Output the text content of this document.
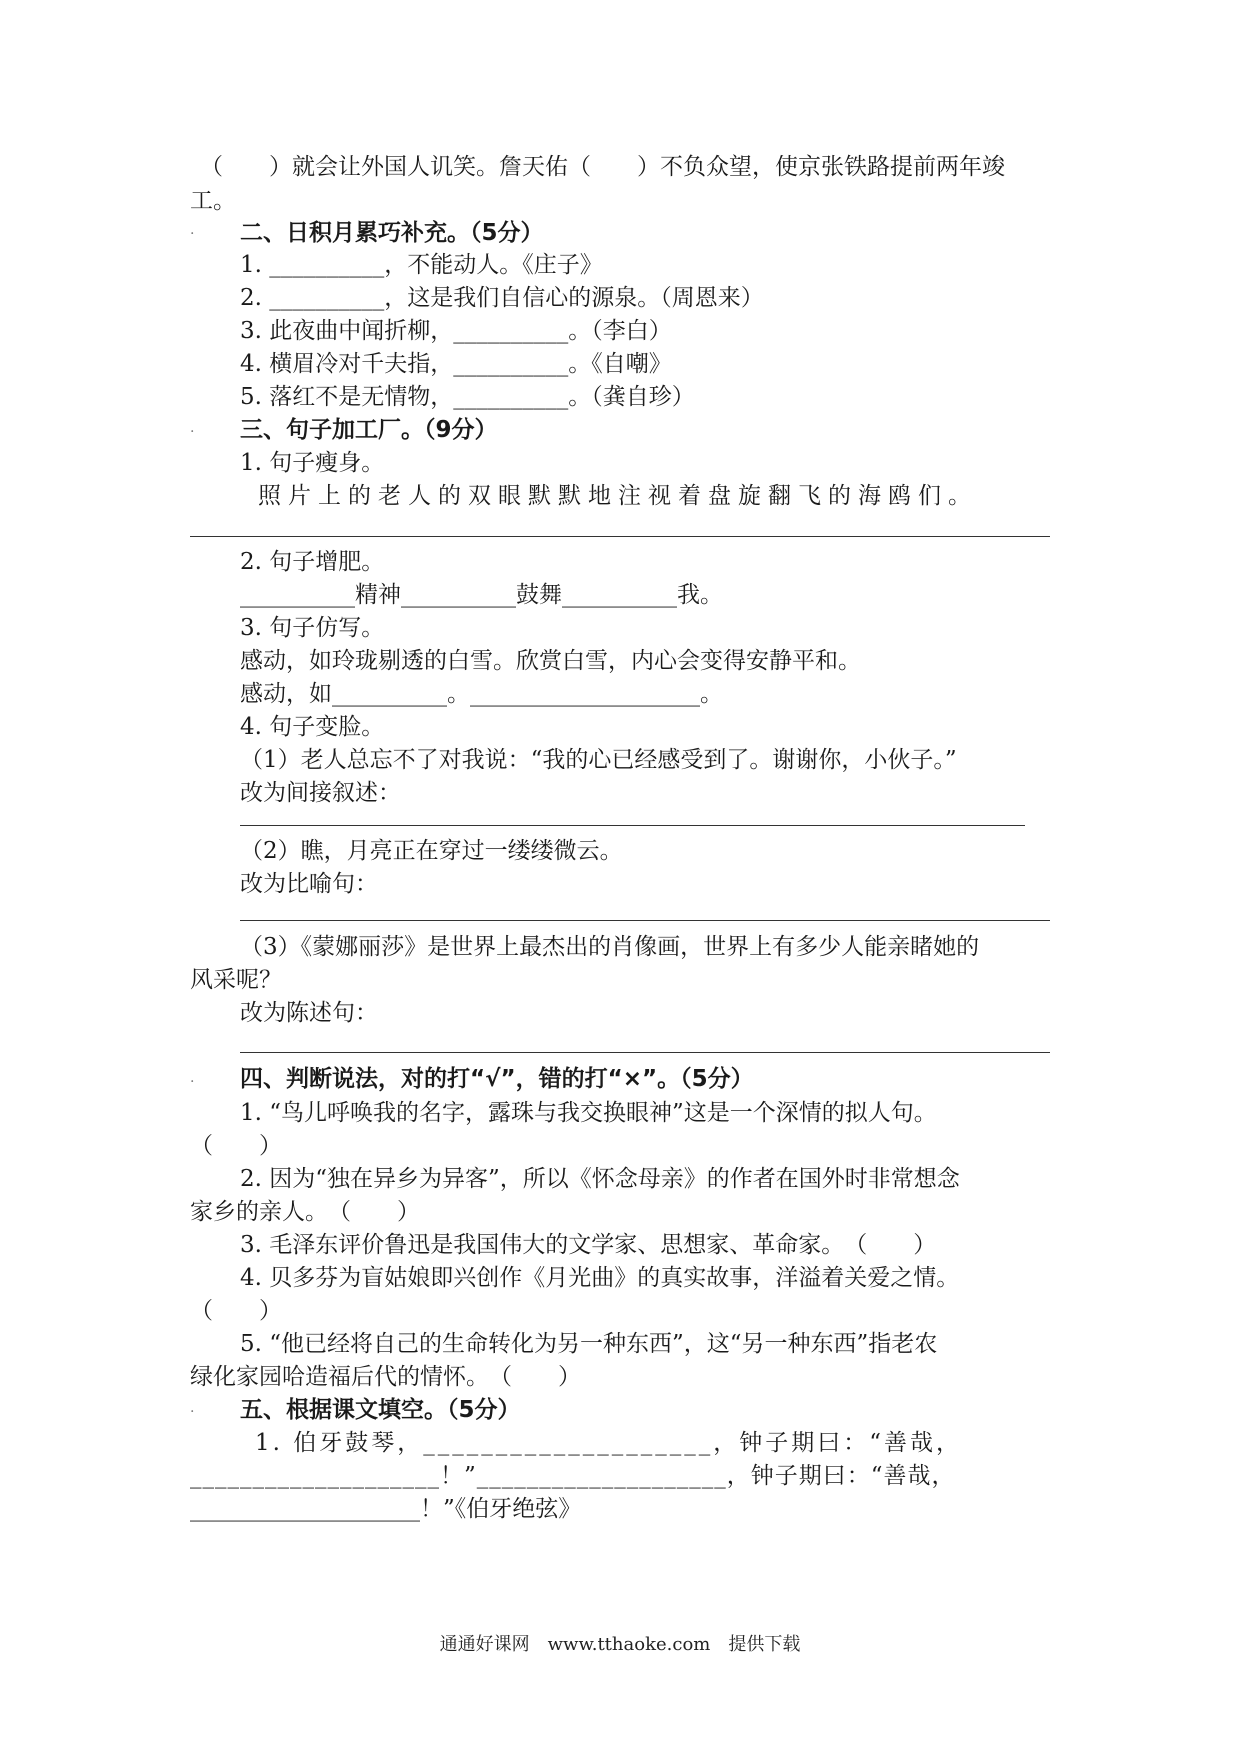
（　　）就会让外国人讥笑。詹天佑（　　）不负众望，使京张铁路提前两年竣
工。
. 二、日积月累巧补充。（5分）
1. __________，不能动人。《庄子》
2. __________，这是我们自信心的源泉。（周恩来）
3. 此夜曲中闻折柳，__________。（李白）
4. 横眉冷对千夫指，__________。《自嘲》
5. 落红不是无情物，__________。（龚自珍）
. 三、句子加工厂。（9分）
1. 句子瘦身。
照片上的老人的双眼默默地注视着盘旋翻飞的海鸥们。
2. 句子增肥。
__________精神__________鼓舞__________我。
3. 句子仿写。
感动，如玲珑剔透的白雪。欣赏白雪，内心会变得安静平和。
感动，如__________。____________________。
4. 句子变脸。
（1）老人总忘不了对我说：“我的心已经感受到了。谢谢你，小伙子。”
改为间接叙述：
（2）瞧，月亮正在穿过一缕缕微云。
改为比喻句：
（3）《蒙娜丽莎》是世界上最杰出的肖像画，世界上有多少人能亲睹她的
风采呢？
改为陈述句：
. 四、判断说法，对的打“√”，错的打“×”。（5分）
1. “鸟儿呼唤我的名字，露珠与我交换眼神”这是一个深情的拟人句。
（　　）
2. 因为“独在异乡为异客”，所以《怀念母亲》的作者在国外时非常想念
家乡的亲人。　（　　）
3. 毛泽东评价鲁迅是我国伟大的文学家、思想家、革命家。　（　　）
4. 贝多芬为盲姑娘即兴创作《月光曲》的真实故事，洋溢着关爱之情。
（　　）
5. “他已经将自己的生命转化为另一种东西”，这“另一种东西”指老农
绿化家园哈造福后代的情怀。　（　　）
. 五、根据课文填空。（5分）
1. 伯牙鼓琴，____________________，钟子期曰：“善哉，
____________________！”____________________，钟子期曰：“善哉，
____________________！”《伯牙绝弦》
通通好课网　www.tthaoke.com　提供下载
